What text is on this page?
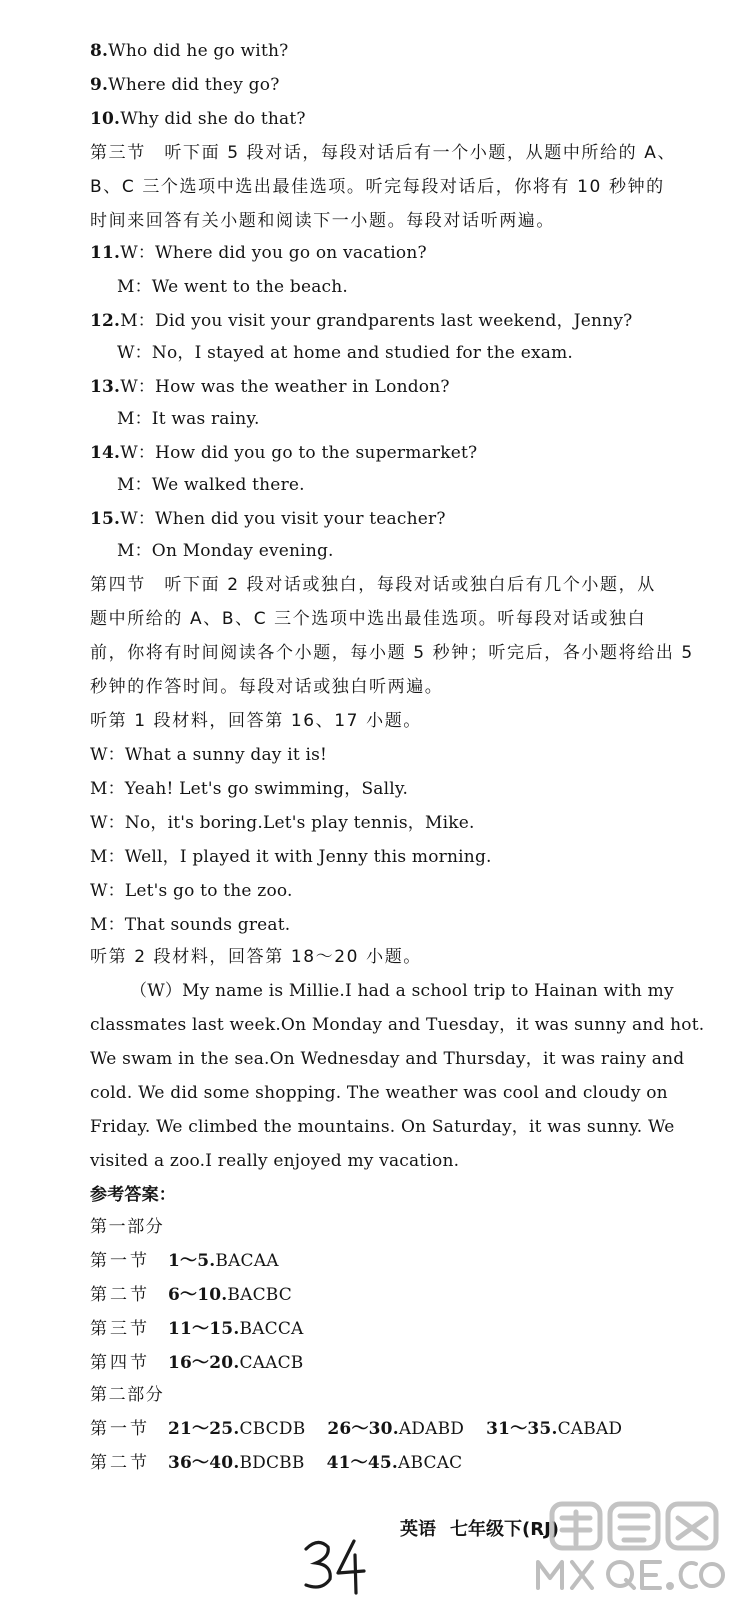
8.Who did he go with?
9.Where did they go?
10.Why did she do that?
第三节　听下面 5 段对话，每段对话后有一个小题，从题中所给的 A、
B、C 三个选项中选出最佳选项。听完每段对话后，你将有 10 秒钟的
时间来回答有关小题和阅读下一小题。每段对话听两遍。
11.W：Where did you go on vacation?
M：We went to the beach.
12.M：Did you visit your grandparents last weekend，Jenny?
W：No，I stayed at home and studied for the exam.
13.W：How was the weather in London?
M：It was rainy.
14.W：How did you go to the supermarket?
M：We walked there.
15.W：When did you visit your teacher?
M：On Monday evening.
第四节　听下面 2 段对话或独白，每段对话或独白后有几个小题，从
题中所给的 A、B、C 三个选项中选出最佳选项。听每段对话或独白
前，你将有时间阅读各个小题，每小题 5 秒钟；听完后，各小题将给出 5
秒钟的作答时间。每段对话或独白听两遍。
听第 1 段材料，回答第 16、17 小题。
W：What a sunny day it is!
M：Yeah! Let's go swimming，Sally.
W：No，it's boring.Let's play tennis，Mike.
M：Well，I played it with Jenny this morning.
W：Let's go to the zoo.
M：That sounds great.
听第 2 段材料，回答第 18～20 小题。
（W）My name is Millie.I had a school trip to Hainan with my
classmates last week.On Monday and Tuesday，it was sunny and hot.
We swam in the sea.On Wednesday and Thursday，it was rainy and
cold. We did some shopping. The weather was cool and cloudy on
Friday. We climbed the mountains. On Saturday，it was sunny. We
visited a zoo.I really enjoyed my vacation.
参考答案：
第一部分
第一节 1～5.BACAA
第二节 6～10.BACBC
第三节 11～15.BACCA
第四节 16～20.CAACB
第二部分
第一节 21～25.CBCDB 26～30.ADABD 31～35.CABAD
第二节 36～40.BDCBB 41～45.ABCAC
英语 七年级下(RJ)
